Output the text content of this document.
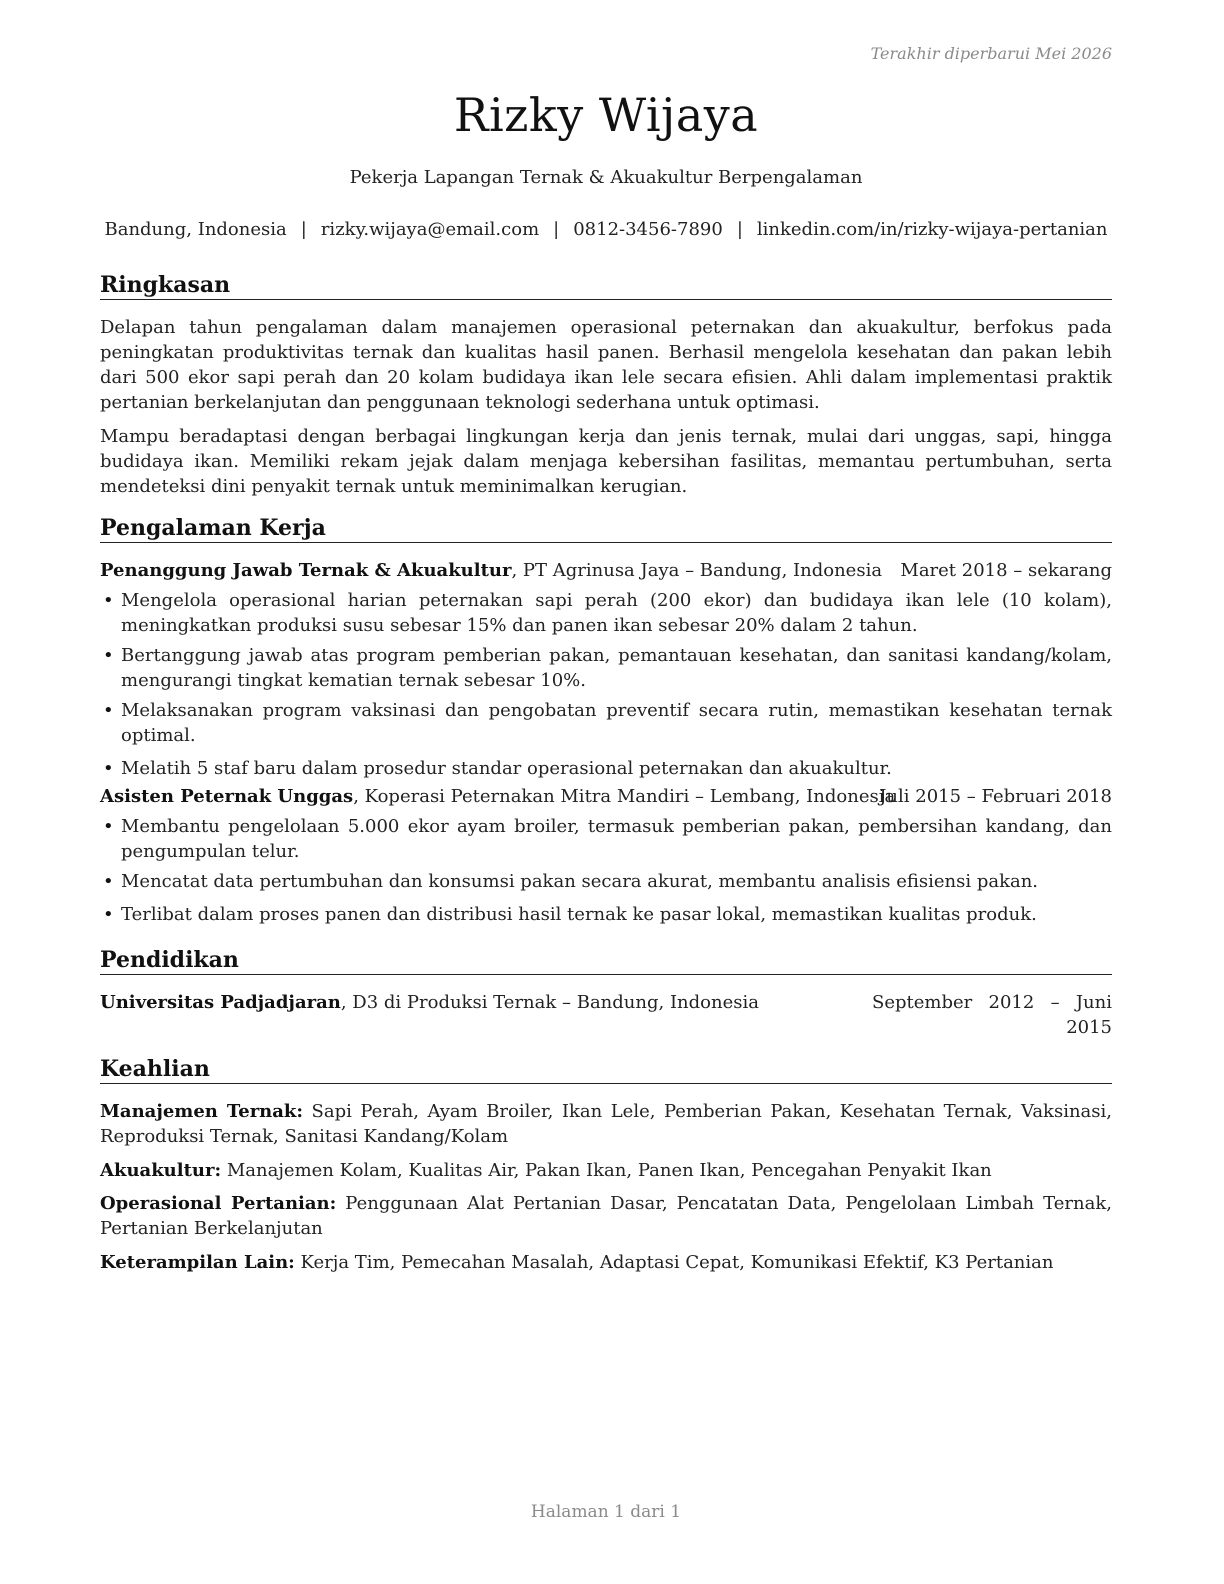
Terakhir diperbarui Mei 2026
Rizky Wijaya
Pekerja Lapangan Ternak & Akuakultur Berpengalaman
Bandung, Indonesia | rizky.wijaya@email.com | 0812-3456-7890 | linkedin.com/in/rizky-wijaya-pertanian
Ringkasan
Delapan tahun pengalaman dalam manajemen operasional peternakan dan akuakultur, berfokus pada peningkatan produktivitas ternak dan kualitas hasil panen. Berhasil mengelola kesehatan dan pakan lebih dari 500 ekor sapi perah dan 20 kolam budidaya ikan lele secara efisien. Ahli dalam implementasi praktik pertanian berkelanjutan dan penggunaan teknologi sederhana untuk optimasi.
Mampu beradaptasi dengan berbagai lingkungan kerja dan jenis ternak, mulai dari unggas, sapi, hingga budidaya ikan. Memiliki rekam jejak dalam menjaga kebersihan fasilitas, memantau pertumbuhan, serta mendeteksi dini penyakit ternak untuk meminimalkan kerugian.
Pengalaman Kerja
Penanggung Jawab Ternak & Akuakultur, PT Agrinusa Jaya – Bandung, Indonesia Maret 2018 – sekarang
• Mengelola operasional harian peternakan sapi perah (200 ekor) dan budidaya ikan lele (10 kolam), meningkatkan produksi susu sebesar 15% dan panen ikan sebesar 20% dalam 2 tahun.
• Bertanggung jawab atas program pemberian pakan, pemantauan kesehatan, dan sanitasi kandang/kolam, mengurangi tingkat kematian ternak sebesar 10%.
• Melaksanakan program vaksinasi dan pengobatan preventif secara rutin, memastikan kesehatan ternak optimal.
• Melatih 5 staf baru dalam prosedur standar operasional peternakan dan akuakultur.
Asisten Peternak Unggas, Koperasi Peternakan Mitra Mandiri – Lembang, Indonesia
Juli 2015 – Februari 2018
• Membantu pengelolaan 5.000 ekor ayam broiler, termasuk pemberian pakan, pembersihan kandang, dan pengumpulan telur.
• Mencatat data pertumbuhan dan konsumsi pakan secara akurat, membantu analisis efisiensi pakan.
• Terlibat dalam proses panen dan distribusi hasil ternak ke pasar lokal, memastikan kualitas produk.
Pendidikan
Universitas Padjadjaran, D3 di Produksi Ternak – Bandung, Indonesia	September 2012 – Juni 2015
Keahlian
Manajemen Ternak: Sapi Perah, Ayam Broiler, Ikan Lele, Pemberian Pakan, Kesehatan Ternak, Vaksinasi, Reproduksi Ternak, Sanitasi Kandang/Kolam
Akuakultur: Manajemen Kolam, Kualitas Air, Pakan Ikan, Panen Ikan, Pencegahan Penyakit Ikan
Operasional Pertanian: Penggunaan Alat Pertanian Dasar, Pencatatan Data, Pengelolaan Limbah Ternak, Pertanian Berkelanjutan
Keterampilan Lain: Kerja Tim, Pemecahan Masalah, Adaptasi Cepat, Komunikasi Efektif, K3 Pertanian
Halaman 1 dari 1
